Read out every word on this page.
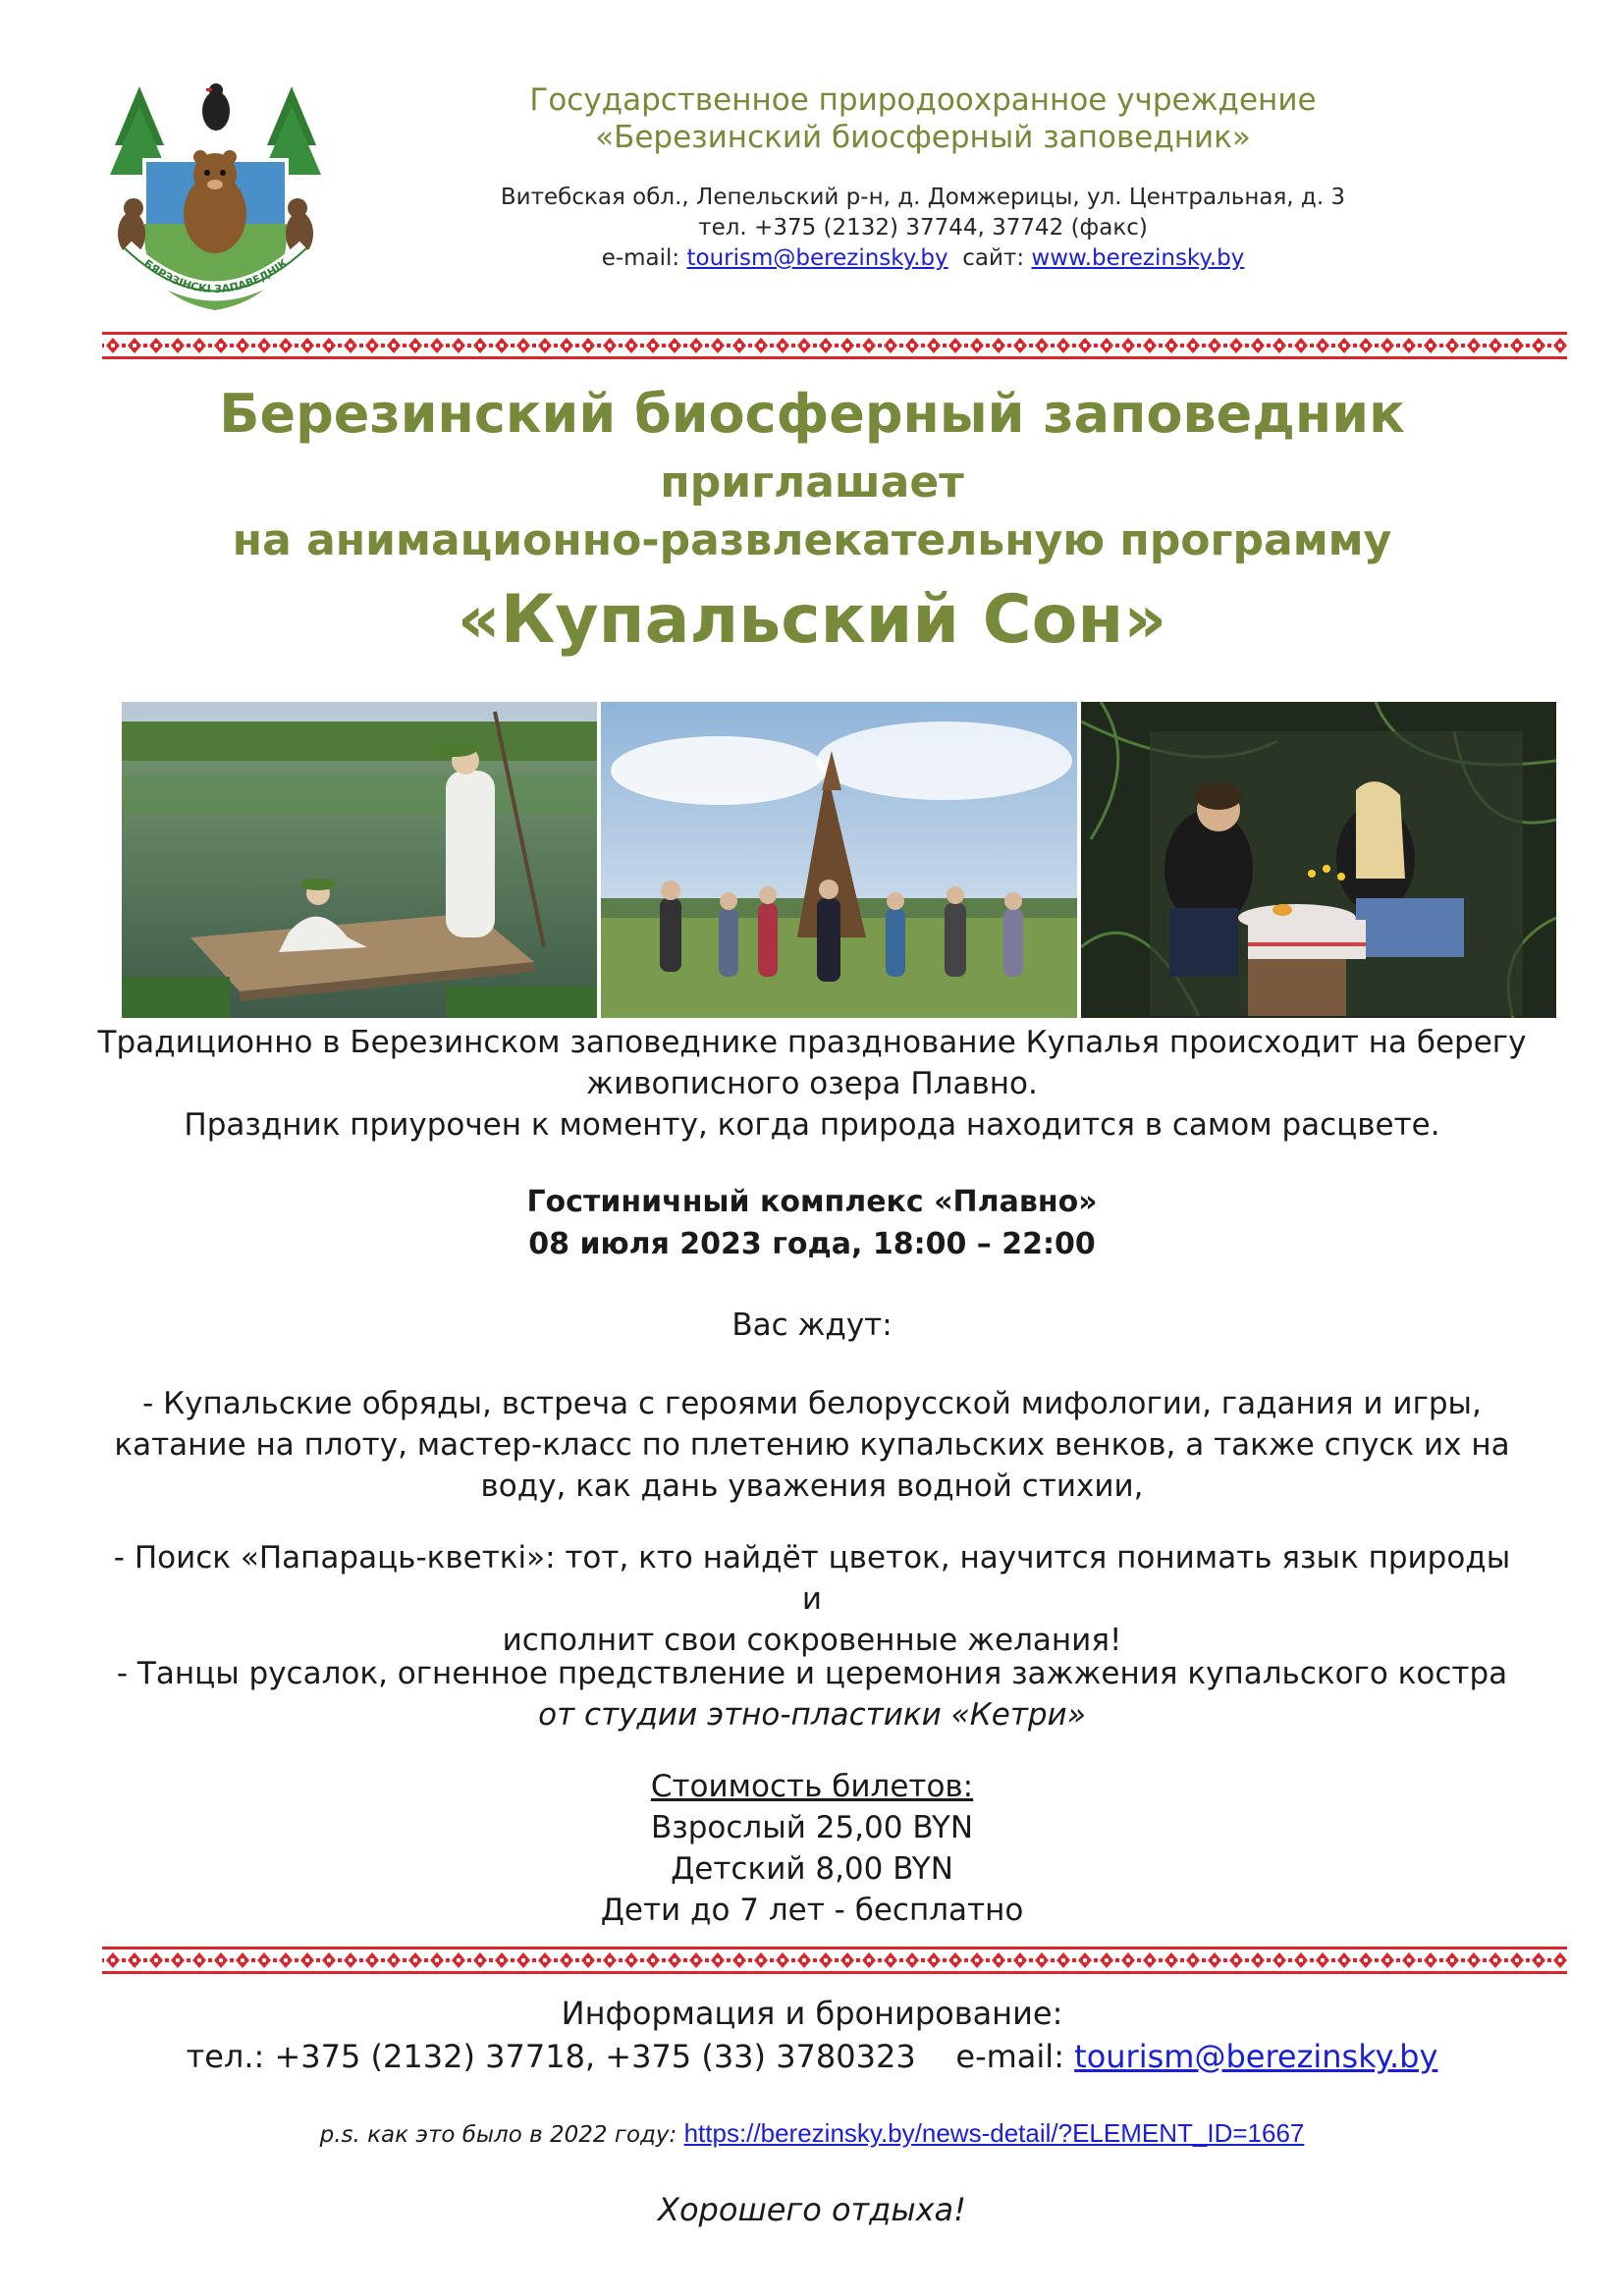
БЯРЭЗІНСКІ ЗАПАВЕДНІК
Государственное природоохранное учреждение
«Березинский биосферный заповедник»
Витебская обл., Лепельский р-н, д. Домжерицы, ул. Центральная, д. 3
тел. +375 (2132) 37744, 37742 (факс)
e-mail: tourism@berezinsky.by сайт: www.berezinsky.by
Березинский биосферный заповедник
приглашает
на анимационно-развлекательную программу
«Купальский Сон»
Традиционно в Березинском заповеднике празднование Купалья происходит на берегу
живописного озера Плавно.
Праздник приурочен к моменту, когда природа находится в самом расцвете.
Гостиничный комплекс «Плавно»
08 июля 2023 года, 18:00 – 22:00
Вас ждут:
- Купальские обряды, встреча с героями белорусской мифологии, гадания и игры,
катание на плоту, мастер-класс по плетению купальских венков, а также спуск их на
воду, как дань уважения водной стихии,
- Поиск «Папараць-кветкі»: тот, кто найдёт цветок, научится понимать язык природы и
исполнит свои сокровенные желания!
- Танцы русалок, огненное предствление и церемония зажжения купальского костра
от студии этно-пластики «Кетри»
Стоимость билетов:
Взрослый 25,00 BYN
Детский 8,00 BYN
Дети до 7 лет - бесплатно
Информация и бронирование:
тел.: +375 (2132) 37718, +375 (33) 3780323 e-mail: tourism@berezinsky.by
p.s. как это было в 2022 году: https://berezinsky.by/news-detail/?ELEMENT_ID=1667
Хорошего отдыха!
